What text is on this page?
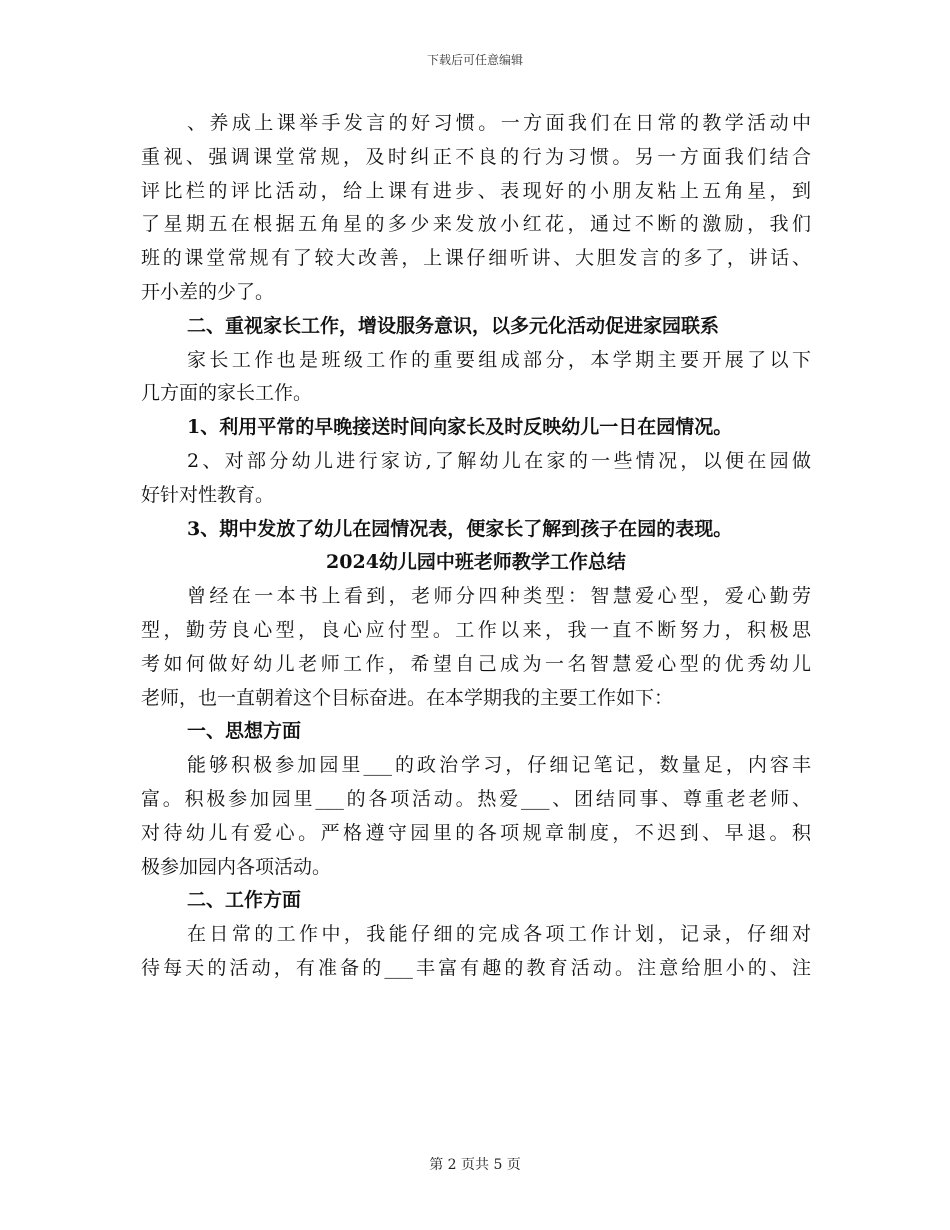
下载后可任意编辑
、养成上课举手发言的好习惯。一方面我们在日常的教学活动中
重视、强调课堂常规，及时纠正不良的行为习惯。另一方面我们结合
评比栏的评比活动，给上课有进步、表现好的小朋友粘上五角星，到
了星期五在根据五角星的多少来发放小红花，通过不断的激励，我们
班的课堂常规有了较大改善，上课仔细听讲、大胆发言的多了，讲话、
开小差的少了。
二、重视家长工作，增设服务意识，以多元化活动促进家园联系
家长工作也是班级工作的重要组成部分，本学期主要开展了以下
几方面的家长工作。
1、利用平常的早晚接送时间向家长及时反映幼儿一日在园情况。
2、对部分幼儿进行家访,了解幼儿在家的一些情况，以便在园做
好针对性教育。
3、期中发放了幼儿在园情况表，便家长了解到孩子在园的表现。
2024幼儿园中班老师教学工作总结
曾经在一本书上看到，老师分四种类型：智慧爱心型，爱心勤劳
型，勤劳良心型，良心应付型。工作以来，我一直不断努力，积极思
考如何做好幼儿老师工作，希望自己成为一名智慧爱心型的优秀幼儿
老师，也一直朝着这个目标奋进。在本学期我的主要工作如下：
一、思想方面
能够积极参加园里___的政治学习，仔细记笔记，数量足，内容丰
富。积极参加园里___的各项活动。热爱___、团结同事、尊重老老师、
对待幼儿有爱心。严格遵守园里的各项规章制度，不迟到、早退。积
极参加园内各项活动。
二、工作方面
在日常的工作中，我能仔细的完成各项工作计划，记录，仔细对
待每天的活动，有准备的___丰富有趣的教育活动。注意给胆小的、注
第 2 页共 5 页
